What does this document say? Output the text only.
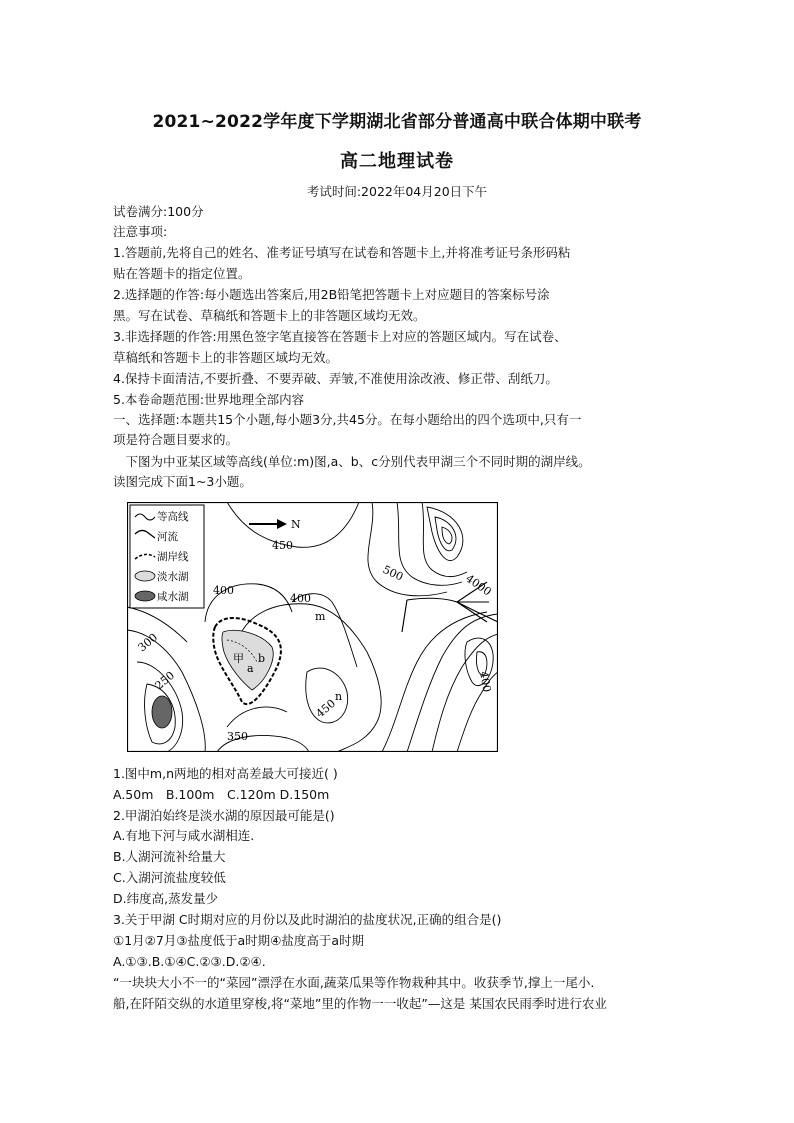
2021~2022学年度下学期湖北省部分普通高中联合体期中联考
高二地理试卷
考试时间:2022年04月20日下午
试卷满分:100分
注意事项:
1.答题前,先将自己的姓名、准考证号填写在试卷和答题卡上,并将准考证号条形码粘
贴在答题卡的指定位置。
2.选择题的作答:每小题选出答案后,用2B铅笔把答题卡上对应题目的答案标号涂
黑。写在试卷、草稿纸和答题卡上的非答题区域均无效。
3.非选择题的作答:用黑色签字笔直接答在答题卡上对应的答题区域内。写在试卷、
草稿纸和答题卡上的非答题区域均无效。
4.保持卡面清洁,不要折叠、不要弄破、弄皱,不准使用涂改液、修正带、刮纸刀。
5.本卷命题范围:世界地理全部内容
一、选择题:本题共15个小题,每小题3分,共45分。在每小题给出的四个选项中,只有一
项是符合题目要求的。
　下图为中亚某区域等高线(单位:m)图,a、b、c分别代表甲湖三个不同时期的湖岸线。
读图完成下面1~3小题。
等高线
河流
湖岸线
淡水湖
咸水湖
N
450
500	4000
400
400
m
300
250
甲
a
b
n
450
400
350
1.图中m,n两地的相对高差最大可接近( )
A.50m　B.100m　C.120m D.150m
2.甲湖泊始终是淡水湖的原因最可能是()
A.有地下河与咸水湖相连.
B.人湖河流补给量大
C.入湖河流盐度较低
D.纬度高,蒸发量少
3.关于甲湖 C时期对应的月份以及此时湖泊的盐度状况,正确的组合是()
①1月②7月③盐度低于a时期④盐度高于a时期
A.①③.B.①④C.②③.D.②④.
“一块块大小不一的“菜园”漂浮在水面,蔬菜瓜果等作物栽种其中。收获季节,撑上一尾小.
船,在阡陌交纵的水道里穿梭,将“菜地”里的作物一一收起”—这是 某国农民雨季时进行农业
